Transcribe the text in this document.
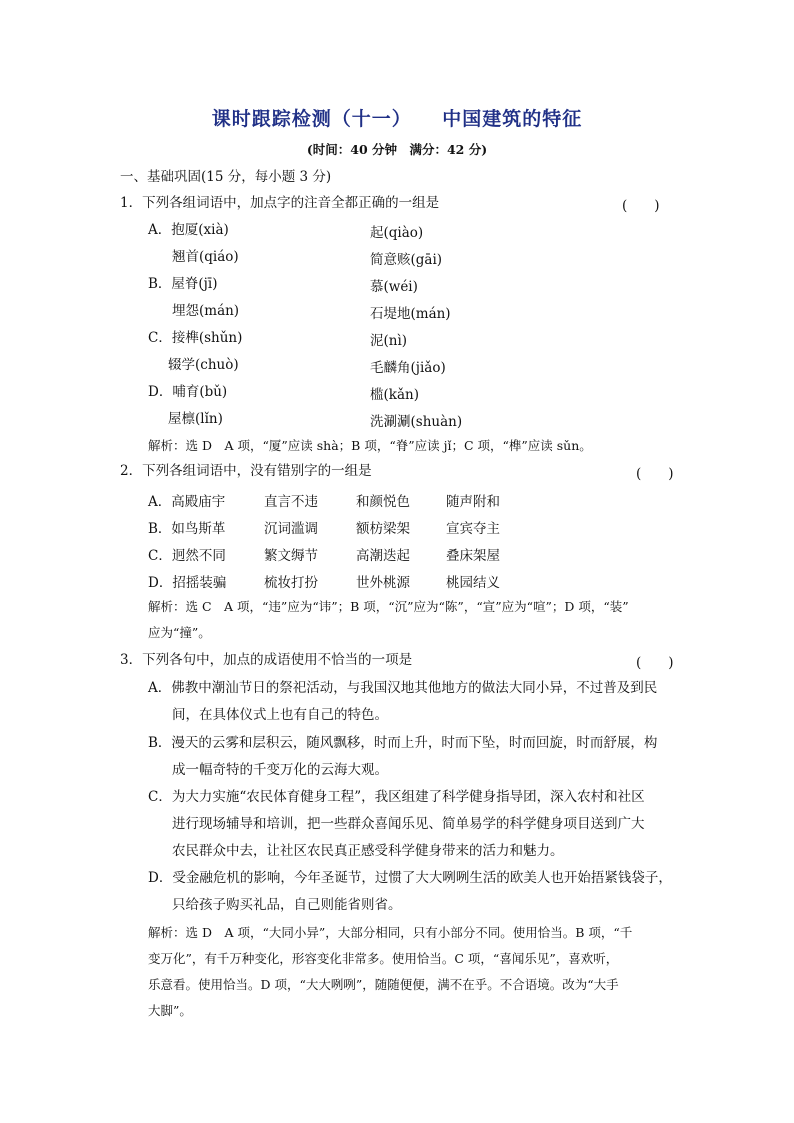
课时跟踪检测（十一）    中国建筑的特征
(时间：40 分钟　满分：42 分)
一、基础巩固(15 分，每小题 3 分)
1．下列各组词语中，加点字的注音全都正确的一组是	(　　)
A．抱厦(xià)	起(qiào)
翘首(qiáo)	简意赅(gāi)
B．屋脊(jī)	慕(wéi)
埋怨(mán)	石堤地(mán)
C．接榫(shǔn)	泥(nì)
辍学(chuò)	毛麟角(jiǎo)
D．哺育(bǔ)	槛(kǎn)
屋檩(lǐn)	洗涮涮(shuàn)
解析：选 D　A 项，“厦”应读 shà；B 项，“脊”应读 jǐ；C 项，“榫”应读 sǔn。
2．下列各组词语中，没有错别字的一组是	(　　)
A．高殿庙宇	直言不违	和颜悦色	随声附和
B．如鸟斯革	沉词滥调	额枋梁架	宣宾夺主
C．迥然不同	繁文缛节	高潮迭起	叠床架屋
D．招摇装骗	梳妆打扮	世外桃源	桃园结义
解析：选 C　A 项，“违”应为“讳”；B 项，“沉”应为“陈”，“宣”应为“喧”；D 项，“装”
应为“撞”。
3．下列各句中，加点的成语使用不恰当的一项是	(　　)
A．佛教中潮汕节日的祭祀活动，与我国汉地其他地方的做法大同小异，不过普及到民
间，在具体仪式上也有自己的特色。
B．漫天的云雾和层积云，随风飘移，时而上升，时而下坠，时而回旋，时而舒展，构
成一幅奇特的千变万化的云海大观。
C．为大力实施“农民体育健身工程”，我区组建了科学健身指导团，深入农村和社区
进行现场辅导和培训，把一些群众喜闻乐见、简单易学的科学健身项目送到广大
农民群众中去，让社区农民真正感受科学健身带来的活力和魅力。
D．受金融危机的影响，今年圣诞节，过惯了大大咧咧生活的欧美人也开始捂紧钱袋子，
只给孩子购买礼品，自己则能省则省。
解析：选 D　A 项，“大同小异”，大部分相同，只有小部分不同。使用恰当。B 项，“千
变万化”，有千万种变化，形容变化非常多。使用恰当。C 项，“喜闻乐见”，喜欢听，
乐意看。使用恰当。D 项，“大大咧咧”，随随便便，满不在乎。不合语境。改为“大手
大脚”。
